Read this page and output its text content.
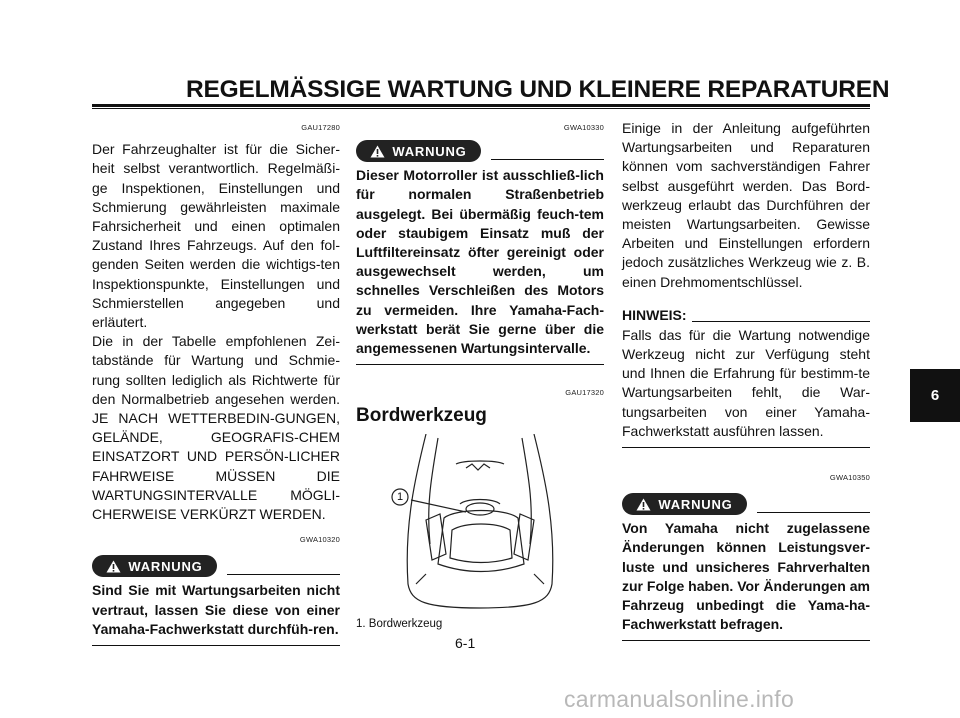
REGELMÄSSIGE WARTUNG UND KLEINERE REPARATUREN
GAU17280

Der Fahrzeughalter ist für die Sicher-heit selbst verantwortlich. Regelmäßi-ge Inspektionen, Einstellungen und Schmierung gewährleisten maximale Fahrsicherheit und einen optimalen Zustand Ihres Fahrzeugs. Auf den fol-genden Seiten werden die wichtigs-ten Inspektionspunkte, Einstellungen und Schmierstellen angegeben und erläutert.

Die in der Tabelle empfohlenen Zei-tabstände für Wartung und Schmie-rung sollten lediglich als Richtwerte für den Normalbetrieb angesehen werden. JE NACH WETTERBEDIN-GUNGEN, GELÄNDE, GEOGRAFIS-CHEM EINSATZORT UND PERSÖN-LICHER FAHRWEISE MÜSSEN DIE WARTUNGSINTERVALLE MÖGLI-CHERWEISE VERKÜRZT WERDEN.

GWA10320
WARNUNG

Sind Sie mit Wartungsarbeiten nicht vertraut, lassen Sie diese von einer Yamaha-Fachwerkstatt durchfüh-ren.

GWA10330
WARNUNG

Dieser Motorroller ist ausschließ-lich für normalen Straßenbetrieb ausgelegt. Bei übermäßig feuch-tem oder staubigem Einsatz muß der Luftfiltereinsatz öfter gereinigt oder ausgewechselt werden, um schnelles Verschleißen des Motors zu vermeiden. Ihre Yamaha-Fach-werkstatt berät Sie gerne über die angemessenen Wartungsintervalle.

GAU17320
Bordwerkzeug
1
1. Bordwerkzeug

Einige in der Anleitung aufgeführten Wartungsarbeiten und Reparaturen können vom sachverständigen Fahrer selbst ausgeführt werden. Das Bord-werkzeug erlaubt das Durchführen der meisten Wartungsarbeiten. Gewisse Arbeiten und Einstellungen erfordern jedoch zusätzliches Werkzeug wie z. B. einen Drehmomentschlüssel.

HINWEIS:

Falls das für die Wartung notwendige Werkzeug nicht zur Verfügung steht und Ihnen die Erfahrung für bestimm-te Wartungsarbeiten fehlt, die War-tungsarbeiten von einer Yamaha-Fachwerkstatt ausführen lassen.

GWA10350
WARNUNG

Von Yamaha nicht zugelassene Änderungen können Leistungsver-luste und unsicheres Fahrverhalten zur Folge haben. Vor Änderungen am Fahrzeug unbedingt die Yama-ha-Fachwerkstatt befragen.

6
6-1
carmanualsonline.info
